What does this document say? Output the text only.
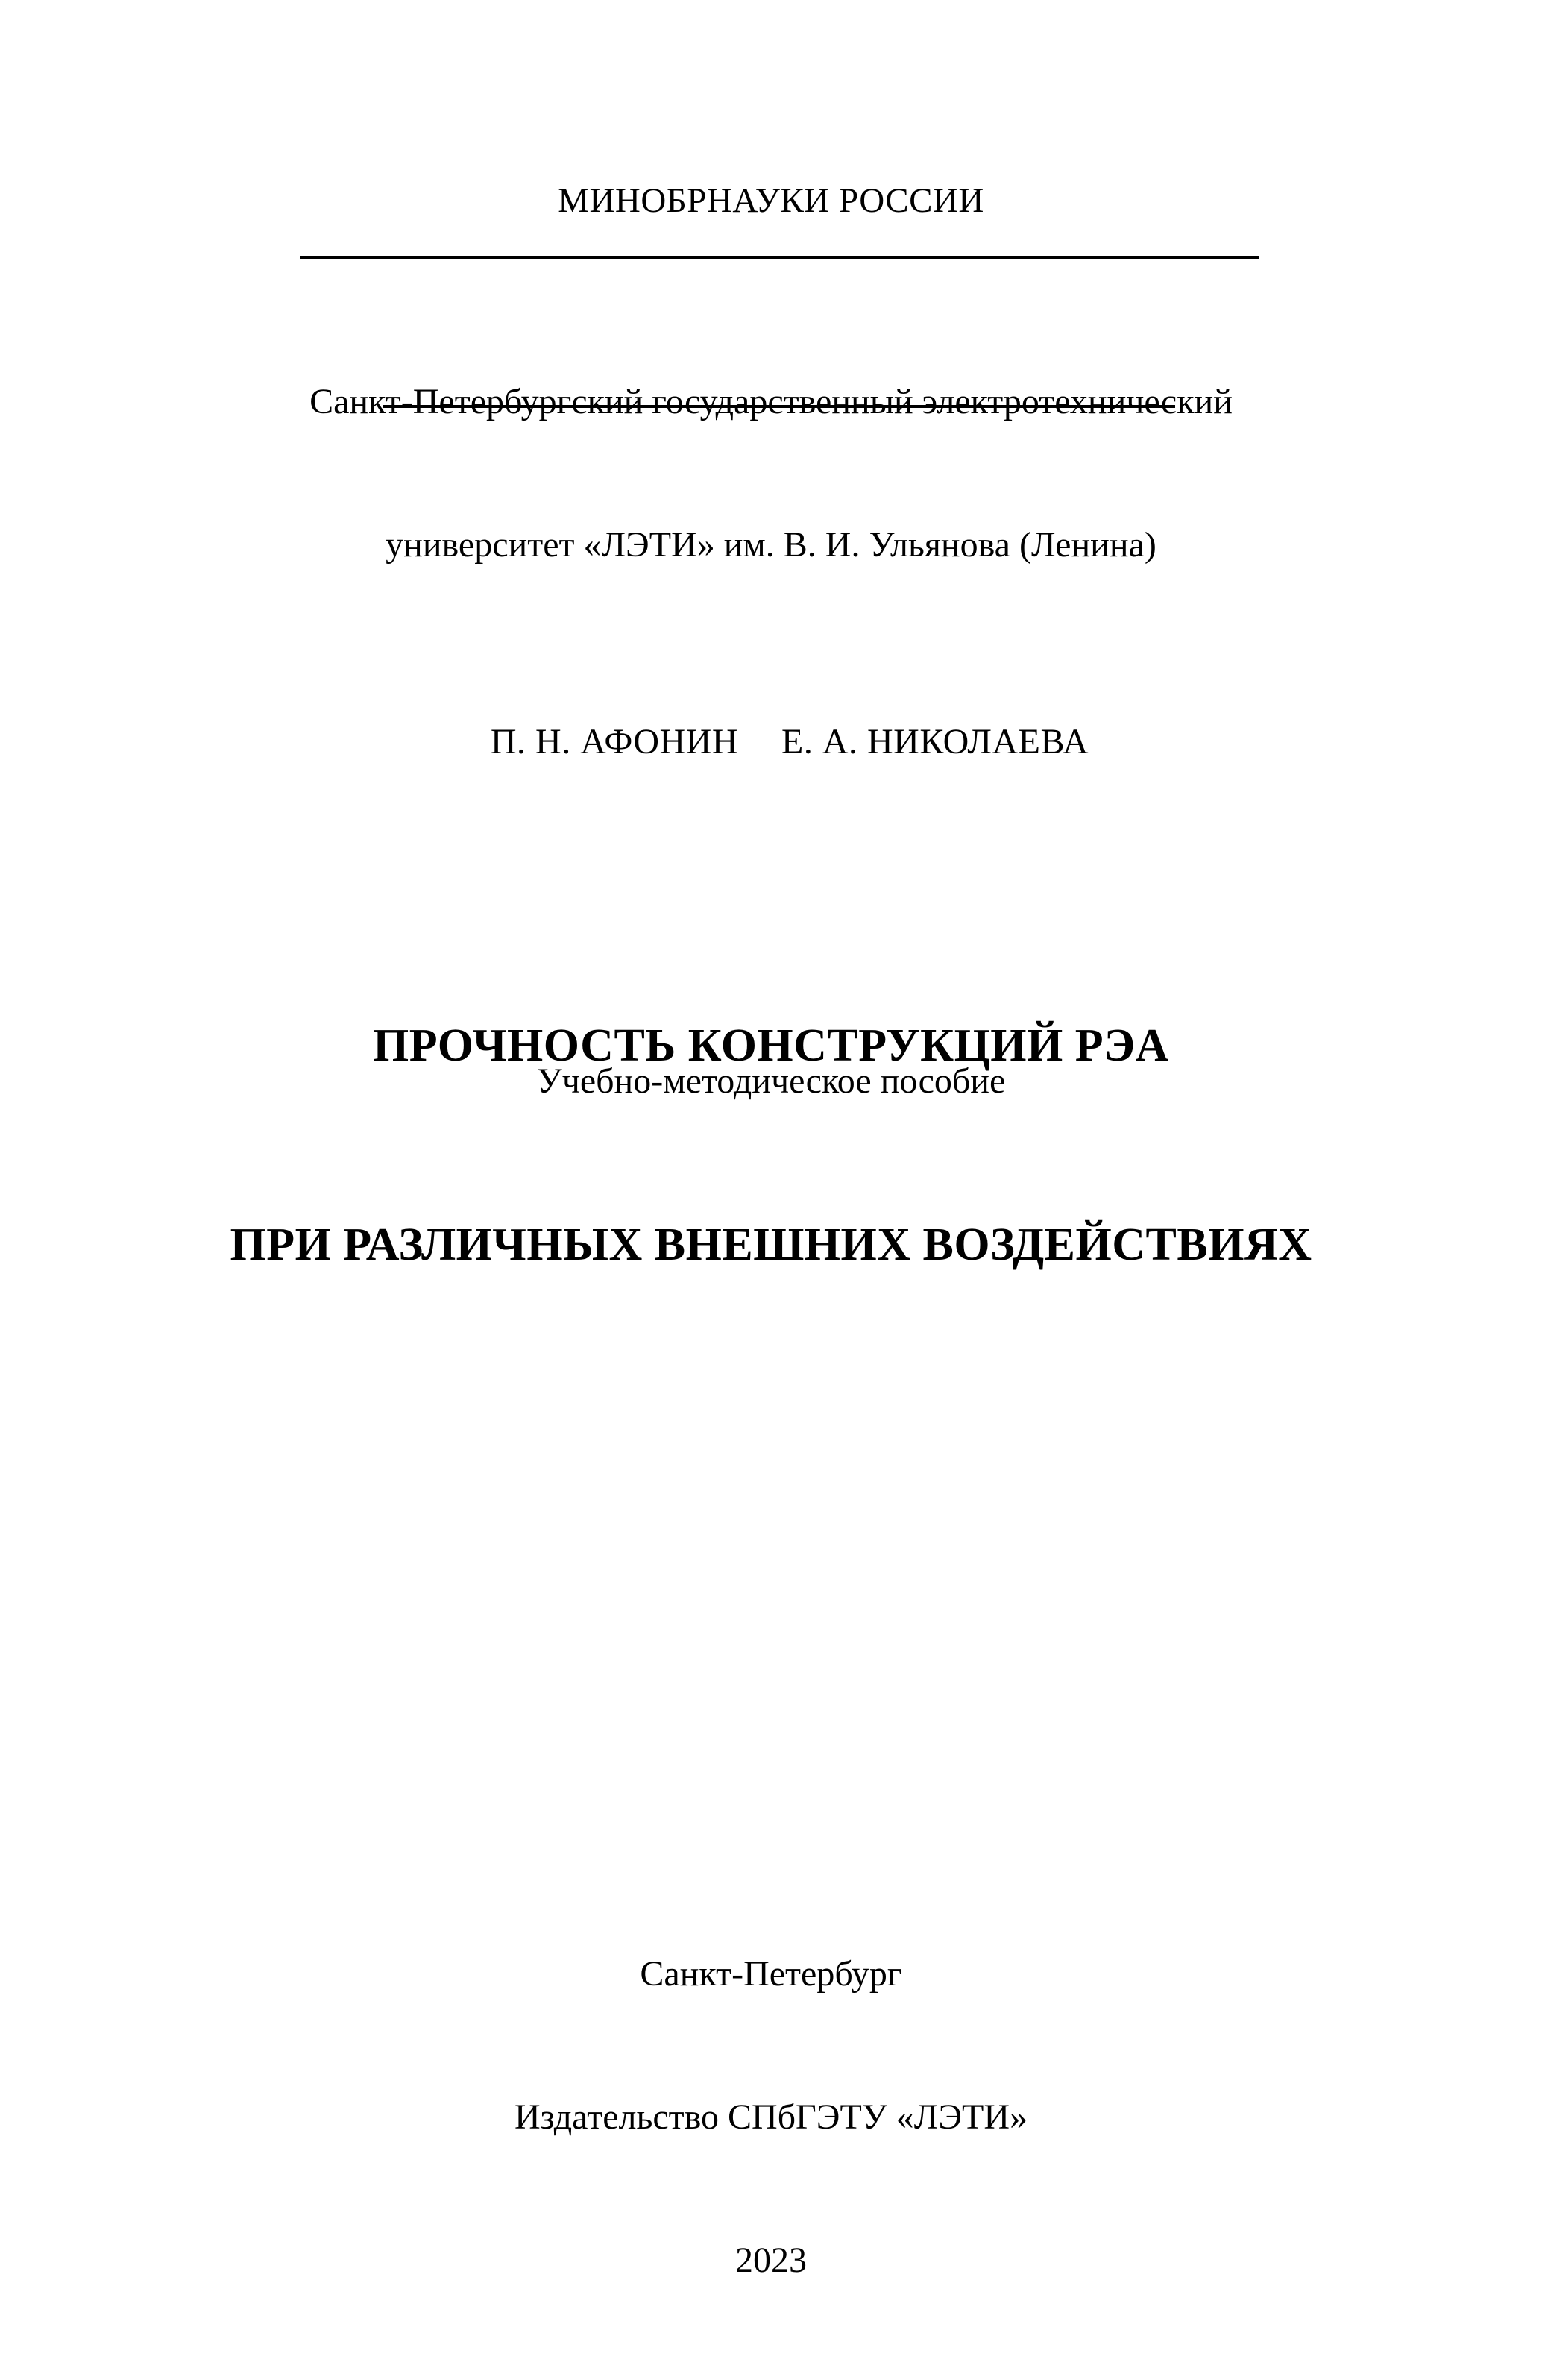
МИНОБРНАУКИ РОССИИ

Санкт-Петербургский государственный электротехнический

университет «ЛЭТИ» им. В. И. Ульянова (Ленина)

П. Н. АФОНИН Е. А. НИКОЛАЕВА

ПРОЧНОСТЬ КОНСТРУКЦИЙ РЭА

ПРИ РАЗЛИЧНЫХ ВНЕШНИХ ВОЗДЕЙСТВИЯХ

Учебно-методическое пособие

Санкт-Петербург

Издательство СПбГЭТУ «ЛЭТИ»

2023
